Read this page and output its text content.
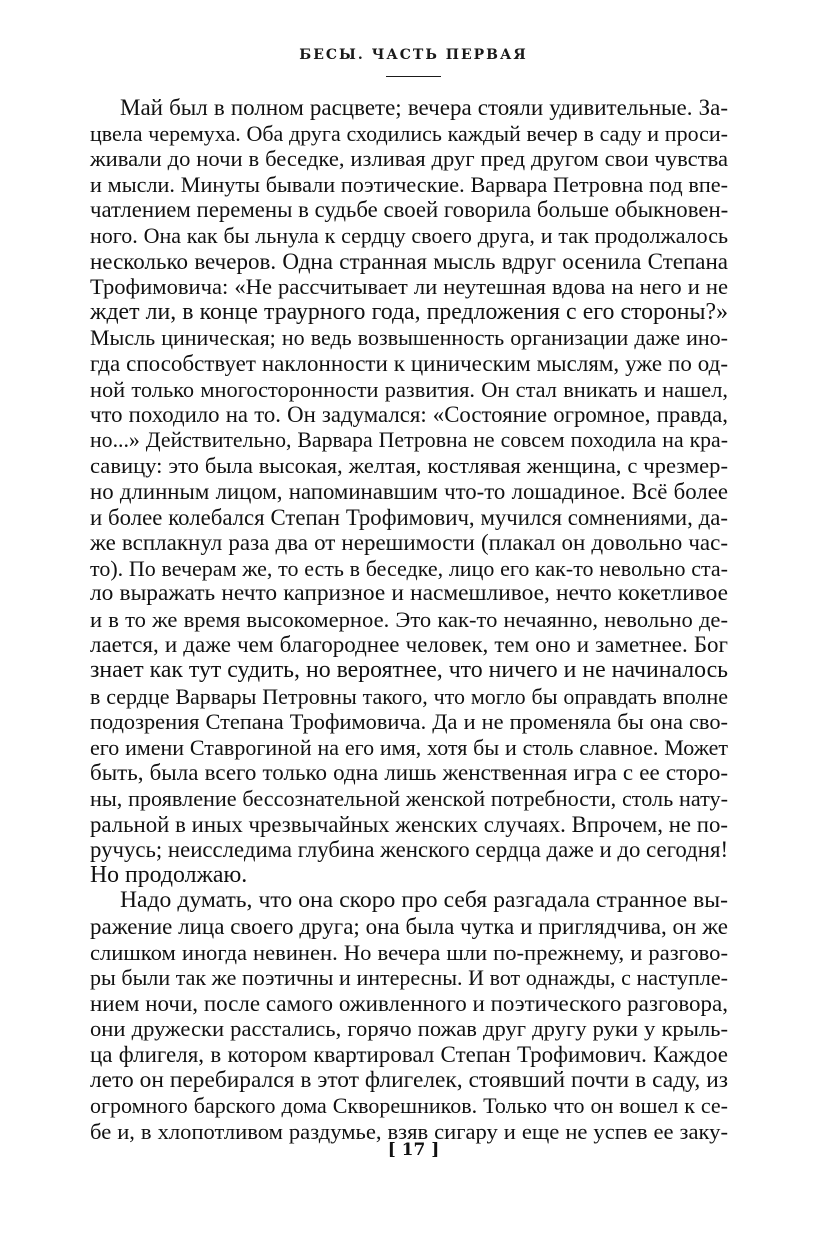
БЕСЫ. ЧАСТЬ ПЕРВАЯ
Май был в полном расцвете; вечера стояли удивительные. За-
цвела черемуха. Оба друга сходились каждый вечер в саду и проси-
живали до ночи в беседке, изливая друг пред другом свои чувства
и мысли. Минуты бывали поэтические. Варвара Петровна под впе-
чатлением перемены в судьбе своей говорила больше обыкновен-
ного. Она как бы льнула к сердцу своего друга, и так продолжалось
несколько вечеров. Одна странная мысль вдруг осенила Степана
Трофимовича: «Не рассчитывает ли неутешная вдова на него и не
ждет ли, в конце траурного года, предложения с его стороны?»
Мысль циническая; но ведь возвышенность организации даже ино-
гда способствует наклонности к циническим мыслям, уже по од-
ной только многосторонности развития. Он стал вникать и нашел,
что походило на то. Он задумался: «Состояние огромное, правда,
но...» Действительно, Варвара Петровна не совсем походила на кра-
савицу: это была высокая, желтая, костлявая женщина, с чрезмер-
но длинным лицом, напоминавшим что-то лошадиное. Всё более
и более колебался Степан Трофимович, мучился сомнениями, да-
же всплакнул раза два от нерешимости (плакал он довольно час-
то). По вечерам же, то есть в беседке, лицо его как-то невольно ста-
ло выражать нечто капризное и насмешливое, нечто кокетливое
и в то же время высокомерное. Это как-то нечаянно, невольно де-
лается, и даже чем благороднее человек, тем оно и заметнее. Бог
знает как тут судить, но вероятнее, что ничего и не начиналось
в сердце Варвары Петровны такого, что могло бы оправдать вполне
подозрения Степана Трофимовича. Да и не променяла бы она сво-
его имени Ставрогиной на его имя, хотя бы и столь славное. Может
быть, была всего только одна лишь женственная игра с ее сторо-
ны, проявление бессознательной женской потребности, столь нату-
ральной в иных чрезвычайных женских случаях. Впрочем, не по-
ручусь; неисследима глубина женского сердца даже и до сегодня!
Но продолжаю.
Надо думать, что она скоро про себя разгадала странное вы-
ражение лица своего друга; она была чутка и приглядчива, он же
слишком иногда невинен. Но вечера шли по-прежнему, и разгово-
ры были так же поэтичны и интересны. И вот однажды, с наступле-
нием ночи, после самого оживленного и поэтического разговора,
они дружески расстались, горячо пожав друг другу руки у крыль-
ца флигеля, в котором квартировал Степан Трофимович. Каждое
лето он перебирался в этот флигелек, стоявший почти в саду, из
огромного барского дома Скворешников. Только что он вошел к се-
бе и, в хлопотливом раздумье, взяв сигару и еще не успев ее заку-
[ 17 ]
